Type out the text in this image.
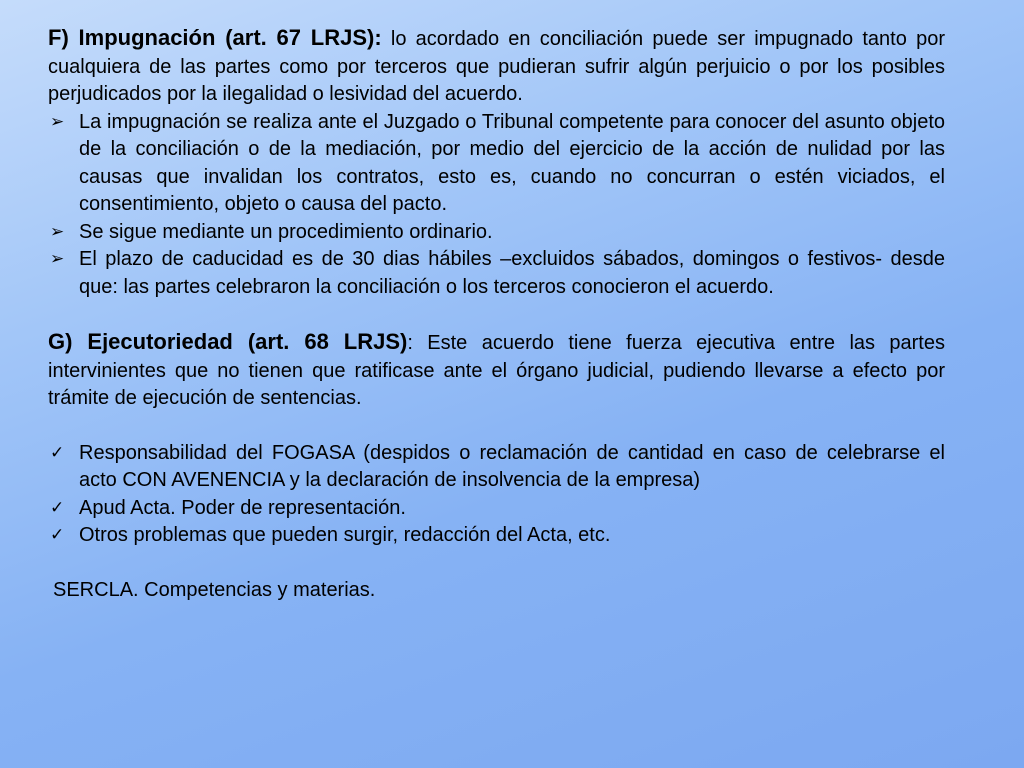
F) Impugnación (art. 67 LRJS): lo acordado en conciliación puede ser impugnado tanto por cualquiera de las partes como por terceros que pudieran sufrir algún perjuicio o por los posibles perjudicados por la ilegalidad o lesividad del acuerdo.

➢ La impugnación se realiza ante el Juzgado o Tribunal competente para conocer del asunto objeto de la conciliación o de la mediación, por medio del ejercicio de la acción de nulidad por las causas que invalidan los contratos, esto es, cuando no concurran o estén viciados, el consentimiento, objeto o causa del pacto.
➢ Se sigue mediante un procedimiento ordinario.
➢ El plazo de caducidad es de 30 dias hábiles –excluidos sábados, domingos o festivos- desde que: las partes celebraron la conciliación o los terceros conocieron el acuerdo.

G) Ejecutoriedad (art. 68 LRJS): Este acuerdo tiene fuerza ejecutiva entre las partes intervinientes que no tienen que ratificase ante el órgano judicial, pudiendo llevarse a efecto por trámite de ejecución de sentencias.

✓ Responsabilidad del FOGASA (despidos o reclamación de cantidad en caso de celebrarse el acto CON AVENENCIA y la declaración de insolvencia de la empresa)
✓ Apud Acta. Poder de representación.
✓ Otros problemas que pueden surgir, redacción del Acta, etc.

SERCLA. Competencias y materias.
